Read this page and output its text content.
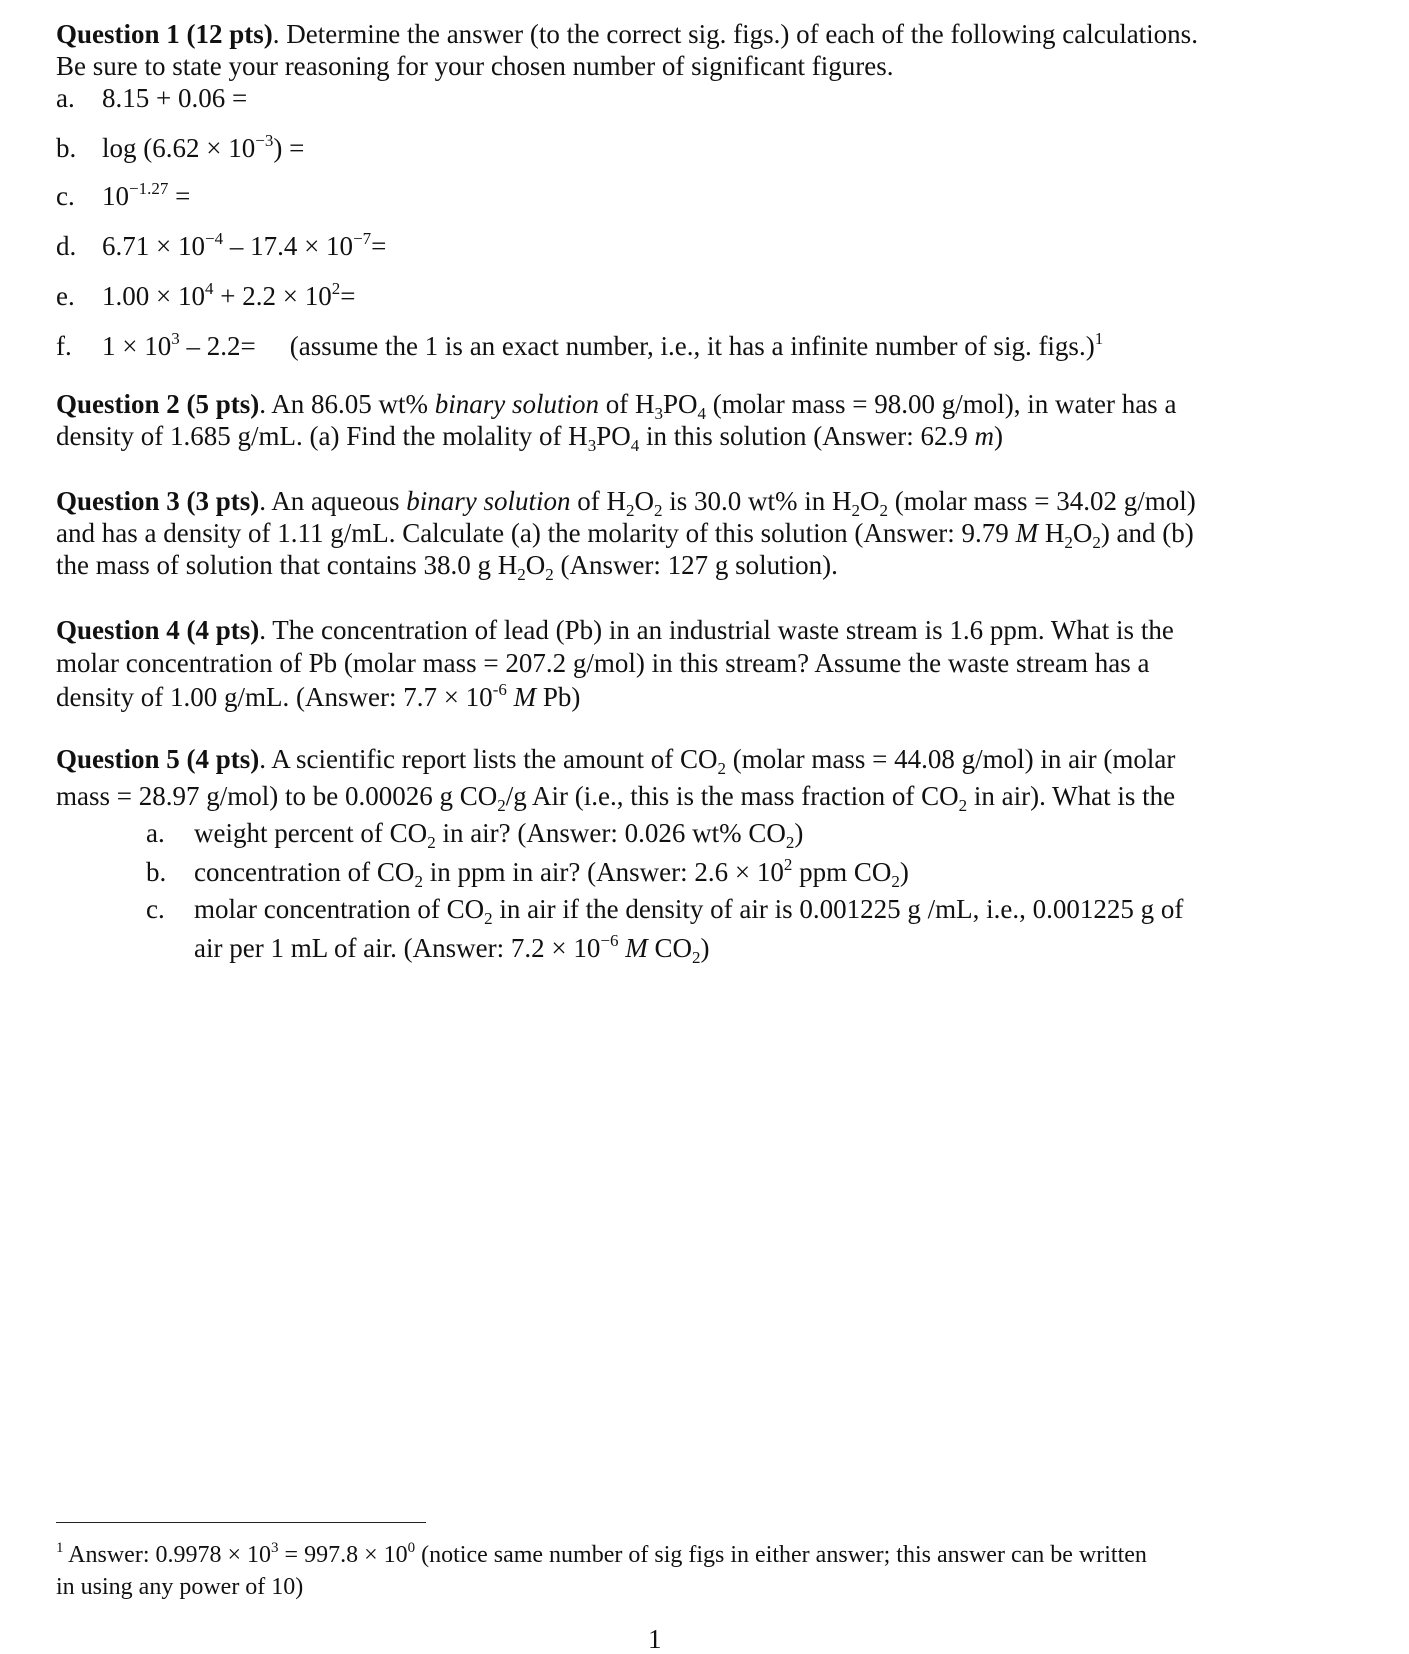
Question 1 (12 pts). Determine the answer (to the correct sig. figs.) of each of the following calculations.
Be sure to state your reasoning for your chosen number of significant figures.
a. 8.15 + 0.06 =
b. $\log (6.62 \times 10^{-3})$ =
c. $10^{-1.27}$ =
d. $6.71 \times 10^{-4} - 17.4 \times 10^{-7}=$
e. $1.00 \times 10^4 + 2.2 \times 10^2=$
f. $1 \times 10^3 - 2.2=$ (assume the 1 is an exact number, i.e., it has a infinite number of sig. figs.)$^1$
Question 2 (5 pts). An 86.05 wt% binary solution of $H_3PO_4$ (molar mass = 98.00 g/mol), in water has a
density of 1.685 g/mL. (a) Find the molality of $H_3PO_4$ in this solution (Answer: 62.9 m)
Question 3 (3 pts). An aqueous binary solution of $H_2O_2$ is 30.0 wt% in $H_2O_2$ (molar mass = 34.02 g/mol)
and has a density of 1.11 g/mL. Calculate (a) the molarity of this solution (Answer: 9.79 M $H_2O_2$) and (b)
the mass of solution that contains 38.0 g $H_2O_2$ (Answer: 127 g solution).
Question 4 (4 pts). The concentration of lead (Pb) in an industrial waste stream is 1.6 ppm. What is the
molar concentration of Pb (molar mass = 207.2 g/mol) in this stream? Assume the waste stream has a
density of 1.00 g/mL. (Answer: $7.7 \times 10^{-6}$ M Pb)
Question 5 (4 pts). A scientific report lists the amount of $CO_2$ (molar mass = 44.08 g/mol) in air (molar
mass = 28.97 g/mol) to be 0.00026 g $CO_2/g$ Air (i.e., this is the mass fraction of $CO_2$ in air). What is the
a. weight percent of $CO_2$ in air? (Answer: 0.026 wt% $CO_2$)
b. concentration of $CO_2$ in ppm in air? (Answer: $2.6 \times 10^2$ ppm $CO_2$)
c. molar concentration of $CO_2$ in air if the density of air is 0.001225 g /mL, i.e., 0.001225 g of
air per 1 mL of air. (Answer: $7.2 \times 10^{-6}$ M $CO_2$)
$^1$ Answer: $0.9978 \times 10^3 = 997.8 \times 10^0$ (notice same number of sig figs in either answer; this answer can be written
in using any power of 10)
1
